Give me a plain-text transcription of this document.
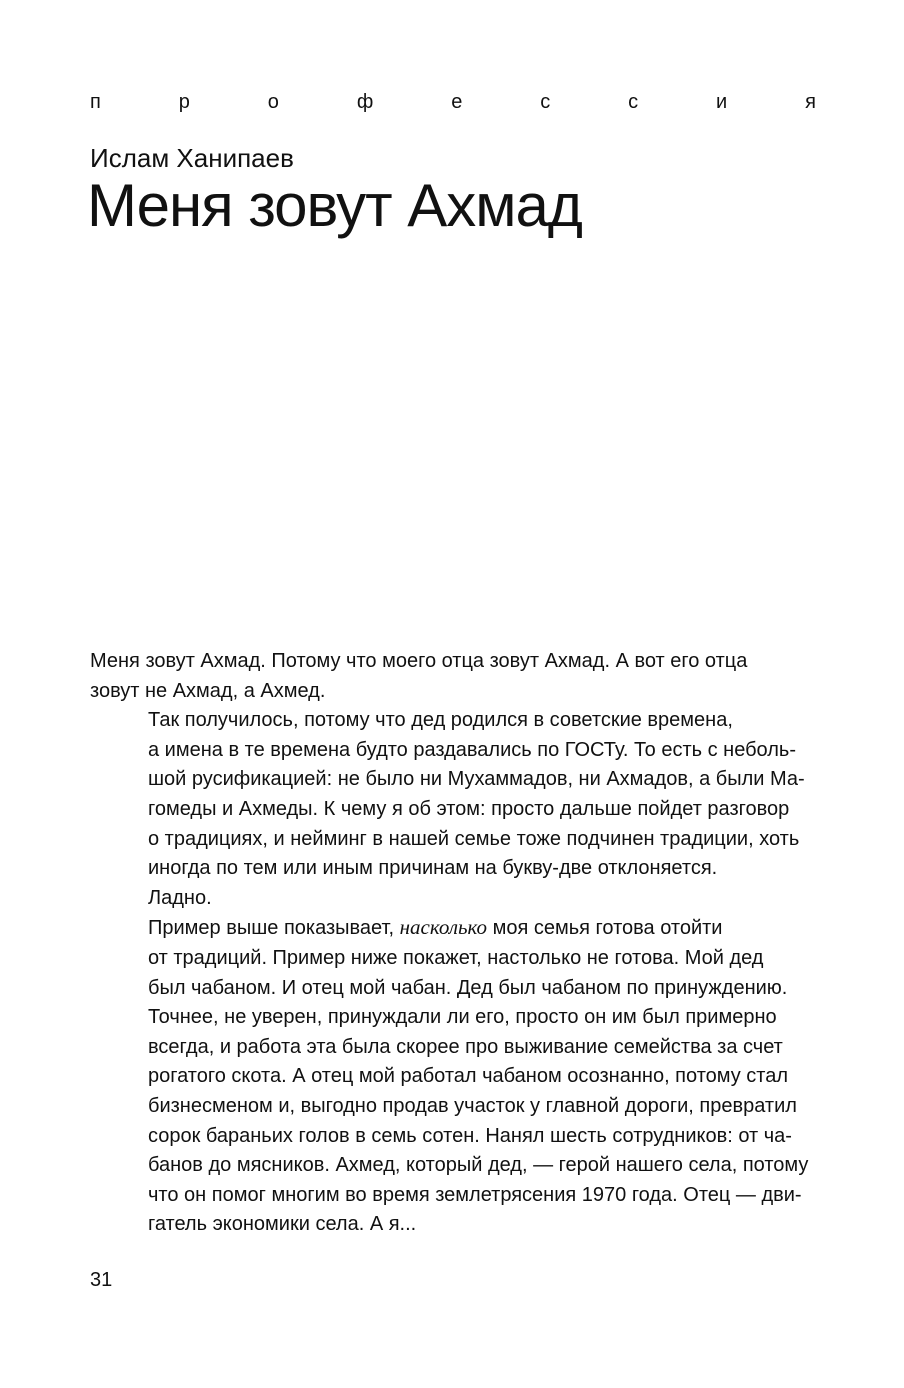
п	р	о	ф	е	с	с	и	я
Ислам Ханипаев
Меня зовут Ахмад

Меня зовут Ахмад. Потому что моего отца зовут Ахмад. А вот его отца
зовут не Ахмад, а Ахмед.

Так получилось, потому что дед родился в советские времена,
а имена в те времена будто раздавались по ГОСТу. То есть с неболь-
шой русификацией: не было ни Мухаммадов, ни Ахмадов, а были Ма-
гомеды и Ахмеды. К чему я об этом: просто дальше пойдет разговор
о традициях, и нейминг в нашей семье тоже подчинен традиции, хоть
иногда по тем или иным причинам на букву-две отклоняется.

Ладно.

Пример выше показывает, насколько моя семья готова отойти
от традиций. Пример ниже покажет, настолько не готова. Мой дед
был чабаном. И отец мой чабан. Дед был чабаном по принуждению.
Точнее, не уверен, принуждали ли его, просто он им был примерно
всегда, и работа эта была скорее про выживание семейства за счет
рогатого скота. А отец мой работал чабаном осознанно, потому стал
бизнесменом и, выгодно продав участок у главной дороги, превратил
сорок бараньих голов в семь сотен. Нанял шесть сотрудников: от ча-
банов до мясников. Ахмед, который дед, — герой нашего села, потому
что он помог многим во время землетрясения 1970 года. Отец — дви-
гатель экономики села. А я...

31
